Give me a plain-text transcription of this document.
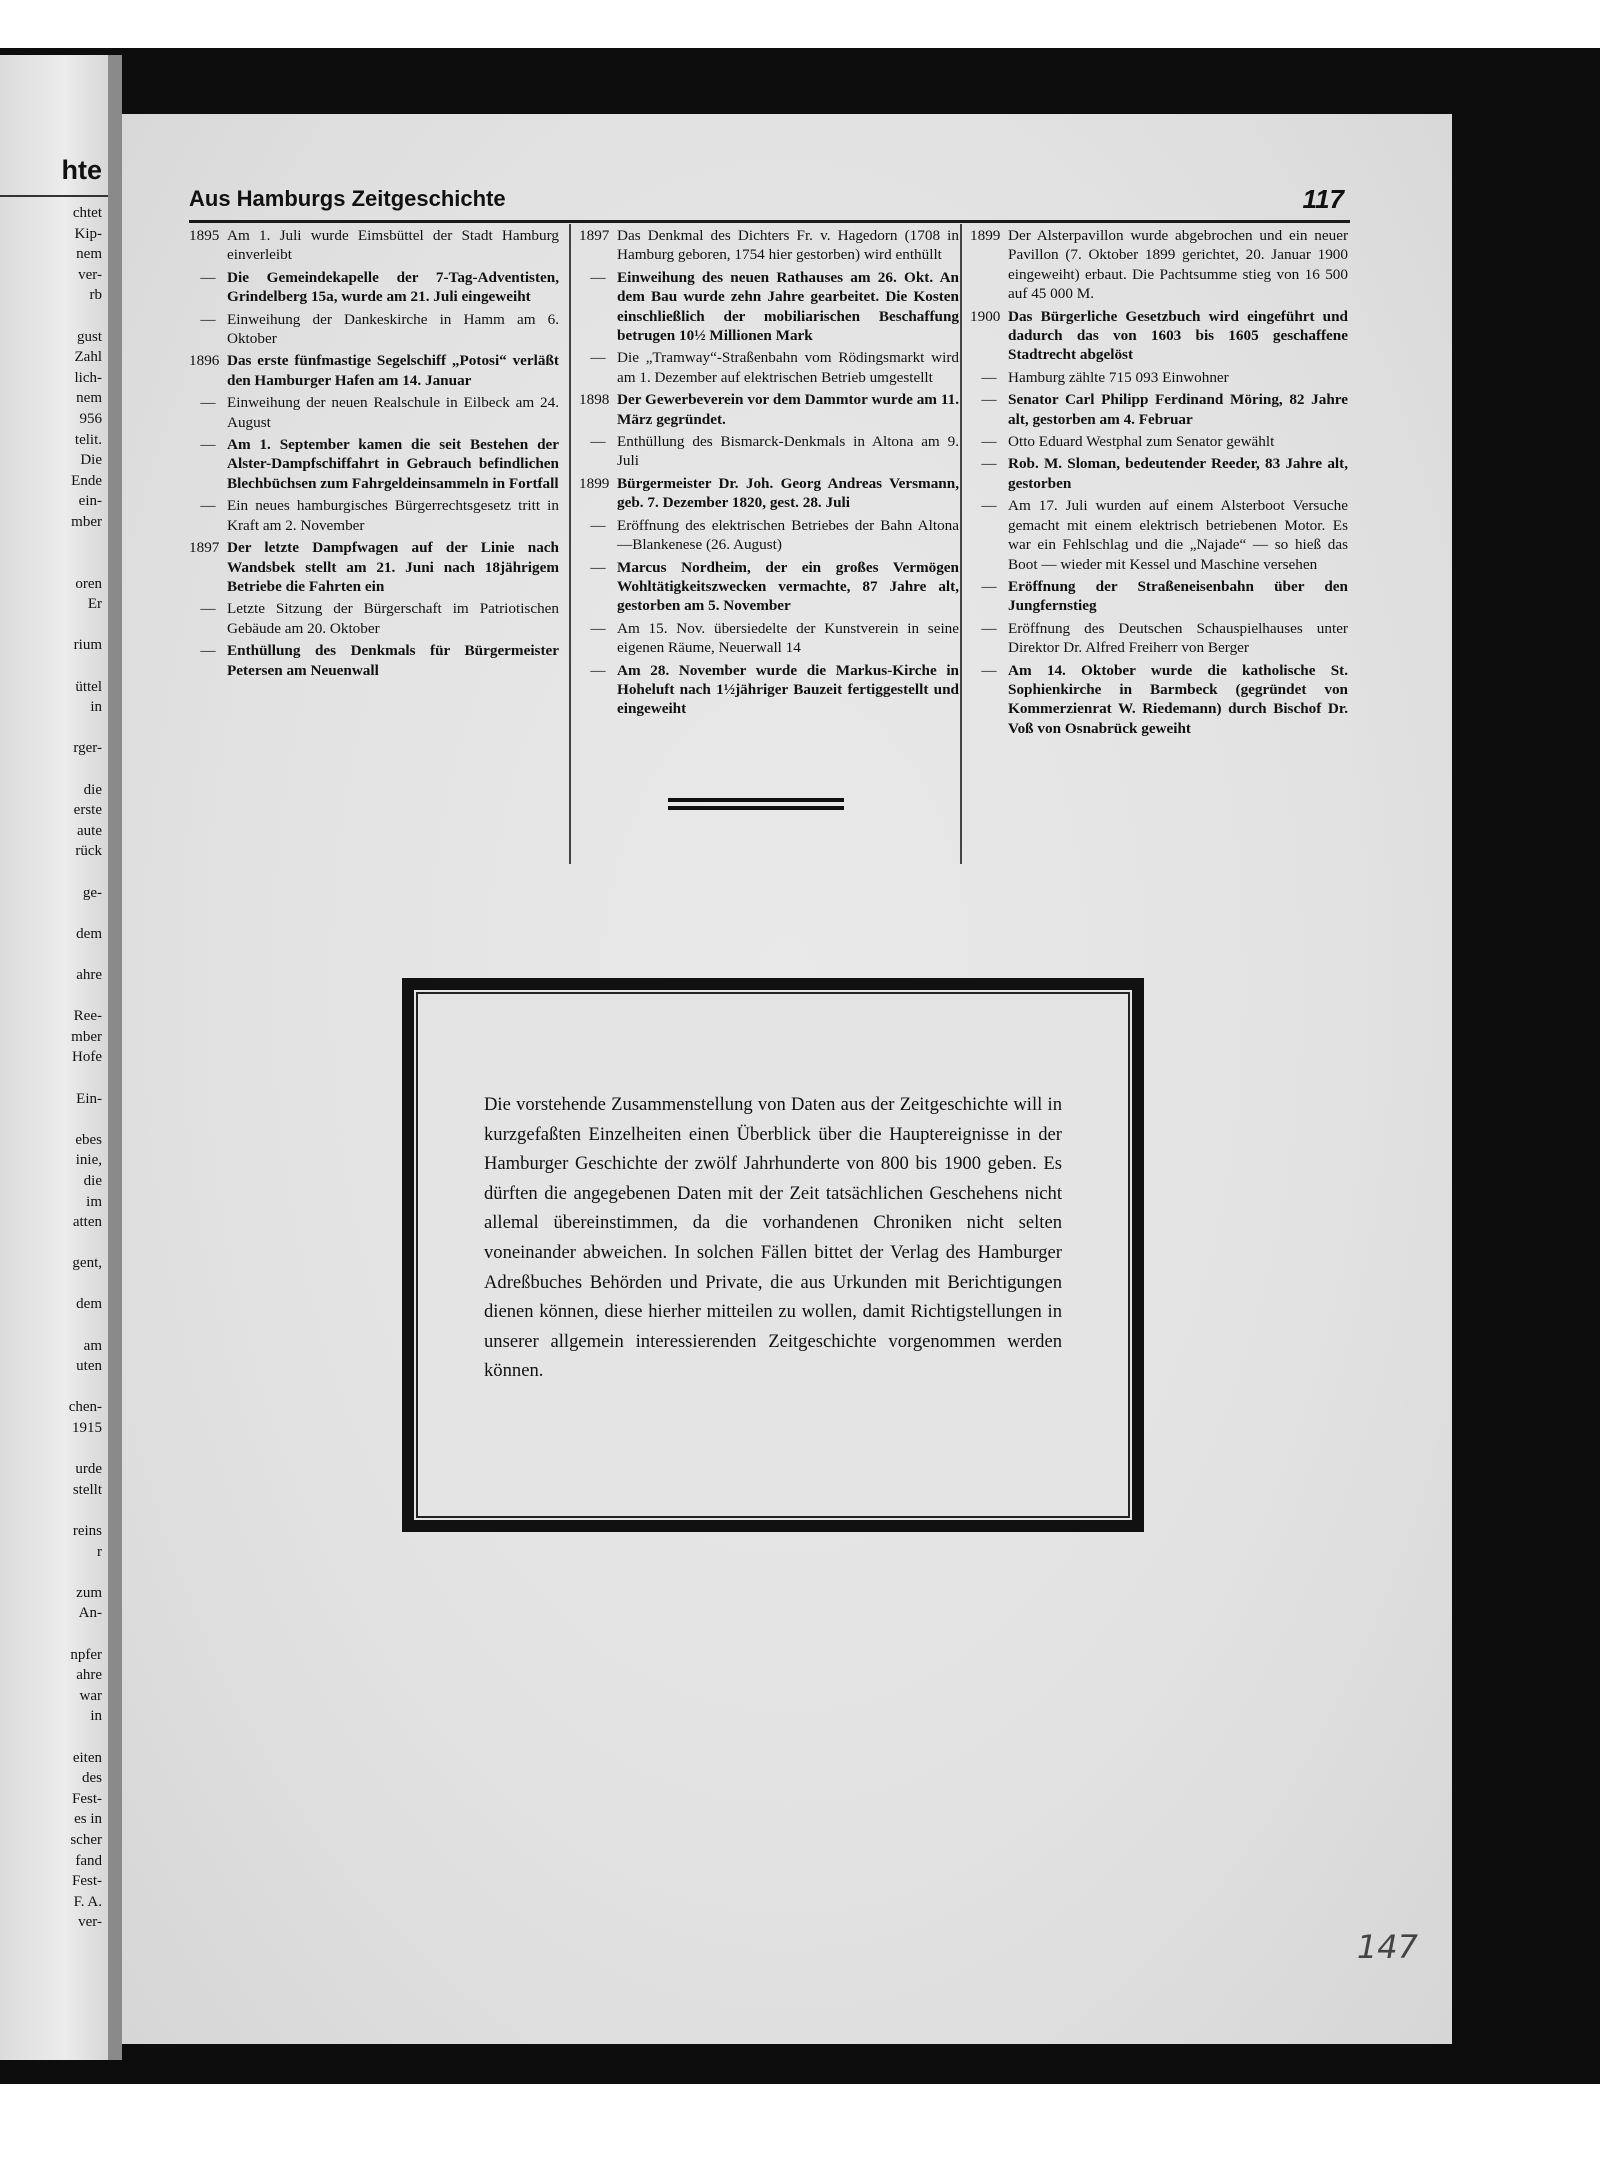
hte
chtet
Kip-
nem
ver-
rb
gust
Zahl
lich-
nem
956
telit.
Die
Ende
ein-
mber
oren
Er
rium
üttel
in
rger-
die
erste
aute
rück
ge-
dem
ahre
Ree-
mber
Hofe
Ein-
ebes
inie,
die
im
atten
gent,
dem
am
uten
chen-
1915
urde
stellt
reins
r
zum
An-
npfer
ahre
war
in
eiten
des
Fest-
es in
scher
fand
Fest-
F. A.
ver-
Aus Hamburgs Zeitgeschichte	117
1895 Am 1. Juli wurde Eimsbüttel der Stadt Hamburg einverleibt
— Die Gemeindekapelle der 7-Tag-Adventisten, Grindelberg 15a, wurde am 21. Juli eingeweiht
— Einweihung der Dankeskirche in Hamm am 6. Oktober
1896 Das erste fünfmastige Segelschiff „Potosi“ verläßt den Hamburger Hafen am 14. Januar
— Einweihung der neuen Realschule in Eilbeck am 24. August
— Am 1. September kamen die seit Bestehen der Alster-Dampfschiffahrt in Gebrauch befindlichen Blechbüchsen zum Fahrgeldeinsammeln in Fortfall
— Ein neues hamburgisches Bürgerrechtsgesetz tritt in Kraft am 2. November
1897 Der letzte Dampfwagen auf der Linie nach Wandsbek stellt am 21. Juni nach 18jährigem Betriebe die Fahrten ein
— Letzte Sitzung der Bürgerschaft im Patriotischen Gebäude am 20. Oktober
— Enthüllung des Denkmals für Bürgermeister Petersen am Neuenwall
1897 Das Denkmal des Dichters Fr. v. Hagedorn (1708 in Hamburg geboren, 1754 hier gestorben) wird enthüllt
— Einweihung des neuen Rathauses am 26. Okt. An dem Bau wurde zehn Jahre gearbeitet. Die Kosten einschließlich der mobiliarischen Beschaffung betrugen 10½ Millionen Mark
— Die „Tramway“-Straßenbahn vom Rödingsmarkt wird am 1. Dezember auf elektrischen Betrieb umgestellt
1898 Der Gewerbeverein vor dem Dammtor wurde am 11. März gegründet.
— Enthüllung des Bismarck-Denkmals in Altona am 9. Juli
1899 Bürgermeister Dr. Joh. Georg Andreas Versmann, geb. 7. Dezember 1820, gest. 28. Juli
— Eröffnung des elektrischen Betriebes der Bahn Altona—Blankenese (26. August)
— Marcus Nordheim, der ein großes Vermögen Wohltätigkeitszwecken vermachte, 87 Jahre alt, gestorben am 5. November
— Am 15. Nov. übersiedelte der Kunstverein in seine eigenen Räume, Neuerwall 14
— Am 28. November wurde die Markus-Kirche in Hoheluft nach 1½jähriger Bauzeit fertiggestellt und eingeweiht
1899 Der Alsterpavillon wurde abgebrochen und ein neuer Pavillon (7. Oktober 1899 gerichtet, 20. Januar 1900 eingeweiht) erbaut. Die Pachtsumme stieg von 16 500 auf 45 000 M.
1900 Das Bürgerliche Gesetzbuch wird eingeführt und dadurch das von 1603 bis 1605 geschaffene Stadtrecht abgelöst
— Hamburg zählte 715 093 Einwohner
— Senator Carl Philipp Ferdinand Möring, 82 Jahre alt, gestorben am 4. Februar
— Otto Eduard Westphal zum Senator gewählt
— Rob. M. Sloman, bedeutender Reeder, 83 Jahre alt, gestorben
— Am 17. Juli wurden auf einem Alsterboot Versuche gemacht mit einem elektrisch betriebenen Motor. Es war ein Fehlschlag und die „Najade“ — so hieß das Boot — wieder mit Kessel und Maschine versehen
— Eröffnung der Straßeneisenbahn über den Jungfernstieg
— Eröffnung des Deutschen Schauspielhauses unter Direktor Dr. Alfred Freiherr von Berger
— Am 14. Oktober wurde die katholische St. Sophienkirche in Barmbeck (gegründet von Kommerzienrat W. Riedemann) durch Bischof Dr. Voß von Osnabrück geweiht
Die vorstehende Zusammenstellung von Daten aus der Zeitgeschichte will in kurzgefaßten Einzelheiten einen Überblick über die Hauptereignisse in der Hamburger Geschichte der zwölf Jahrhunderte von 800 bis 1900 geben. Es dürften die angegebenen Daten mit der Zeit tatsächlichen Geschehens nicht allemal übereinstimmen, da die vorhandenen Chroniken nicht selten voneinander abweichen. In solchen Fällen bittet der Verlag des Hamburger Adreßbuches Behörden und Private, die aus Urkunden mit Berichtigungen dienen können, diese hierher mitteilen zu wollen, damit Richtigstellungen in unserer allgemein interessierenden Zeitgeschichte vorgenommen werden können.
147
